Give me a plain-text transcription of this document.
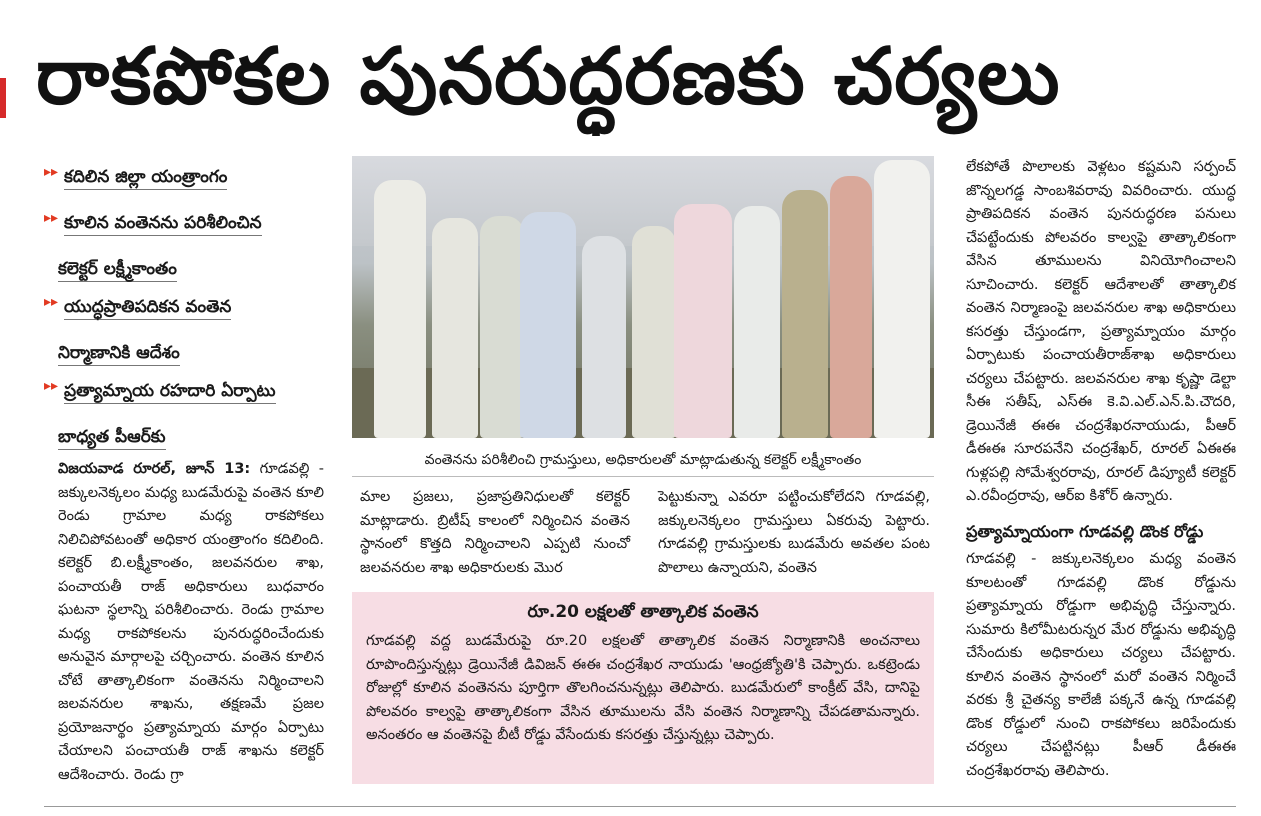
రాకపోకల పునరుద్ధరణకు చర్యలు
▸▸ కదిలిన జిల్లా యంత్రాంగం
▸▸ కూలిన వంతెనను పరిశీలించిన
కలెక్టర్ లక్ష్మీకాంతం
▸▸ యుద్ధప్రాతిపదికన వంతెన
నిర్మాణానికి ఆదేశం
▸▸ ప్రత్యామ్నాయ రహదారి ఏర్పాటు
బాధ్యత పీఆర్‌కు
విజయవాడ రూరల్, జూన్ 13: గూడవల్లి - జక్కులనెక్కలం మధ్య బుడమేరుపై వంతెన కూలి రెండు గ్రామాల మధ్య రాకపోకలు నిలిచిపోవటంతో అధికార యంత్రాంగం కదిలింది. కలెక్టర్ బి.లక్ష్మీకాంతం, జలవనరుల శాఖ, పంచాయతీ రాజ్ అధికారులు బుధవారం ఘటనా స్థలాన్ని పరిశీలించారు. రెండు గ్రామాల మధ్య రాకపోకలను పునరుద్ధరించేందుకు అనువైన మార్గాలపై చర్చించారు. వంతెన కూలిన చోటే తాత్కాలికంగా వంతెనను నిర్మించాలని జలవనరుల శాఖను, తక్షణమే ప్రజల ప్రయోజనార్థం ప్రత్యామ్నాయ మార్గం ఏర్పాటు చేయాలని పంచాయతీ రాజ్ శాఖను కలెక్టర్ ఆదేశించారు. రెండు గ్రా
వంతెనను పరిశీలించి గ్రామస్తులు, అధికారులతో మాట్లాడుతున్న కలెక్టర్ లక్ష్మీకాంతం
మాల ప్రజలు, ప్రజాప్రతినిధులతో కలెక్టర్ మాట్లాడారు. బ్రిటీష్ కాలంలో నిర్మించిన వంతెన స్థానంలో కొత్తది నిర్మించాలని ఎప్పటి నుంచో జలవనరుల శాఖ అధికారులకు మొర
పెట్టుకున్నా ఎవరూ పట్టించుకోలేదని గూడవల్లి, జక్కులనెక్కలం గ్రామస్తులు ఏకరువు పెట్టారు. గూడవల్లి గ్రామస్తులకు బుడమేరు అవతల పంట పొలాలు ఉన్నాయని, వంతెన
రూ.20 లక్షలతో తాత్కాలిక వంతెన
గూడవల్లి వద్ద బుడమేరుపై రూ.20 లక్షలతో తాత్కాలిక వంతెన నిర్మాణానికి అంచనాలు రూపొందిస్తున్నట్లు డ్రెయినేజీ డివిజన్ ఈఈ చంద్రశేఖర నాయుడు 'ఆంధ్రజ్యోతి'కి చెప్పారు. ఒకట్రెండు రోజుల్లో కూలిన వంతెనను పూర్తిగా తొలగించనున్నట్లు తెలిపారు. బుడమేరులో కాంక్రీట్ వేసి, దానిపై పోలవరం కాల్వపై తాత్కాలికంగా వేసిన తూములను వేసి వంతెన నిర్మాణాన్ని చేపడతామన్నారు. అనంతరం ఆ వంతెనపై బీటీ రోడ్డు వేసేందుకు కసరత్తు చేస్తున్నట్లు చెప్పారు.
లేకపోతే పొలాలకు వెళ్లటం కష్టమని సర్పంచ్ జొన్నలగడ్డ సాంబశివరావు వివరించారు. యుద్ధ ప్రాతిపదికన వంతెన పునరుద్ధరణ పనులు చేపట్టేందుకు పోలవరం కాల్వపై తాత్కాలికంగా వేసిన తూములను వినియోగించాలని సూచించారు. కలెక్టర్ ఆదేశాలతో తాత్కాలిక వంతెన నిర్మాణంపై జలవనరుల శాఖ అధికారులు కసరత్తు చేస్తుండగా, ప్రత్యామ్నాయం మార్గం ఏర్పాటుకు పంచాయతీరాజ్‌శాఖ అధికారులు చర్యలు చేపట్టారు. జలవనరుల శాఖ కృష్ణా డెల్టా సీఈ సతీష్, ఎస్ఈ కె.వి.ఎల్.ఎన్.పి.చౌదరి, డ్రెయినేజీ ఈఈ చంద్రశేఖరనాయుడు, పీఆర్ డీఈఈ సూరపనేని చంద్రశేఖర్, రూరల్ ఏఈఈ గుళ్లపల్లి సోమేశ్వరరావు, రూరల్ డిప్యూటీ కలెక్టర్ ఎ.రవీంద్రరావు, ఆర్ఐ కిశోర్ ఉన్నారు.
ప్రత్యామ్నాయంగా గూడవల్లి డొంక రోడ్డు
గూడవల్లి - జక్కులనెక్కలం మధ్య వంతెన కూలటంతో గూడవల్లి డొంక రోడ్డును ప్రత్యామ్నాయ రోడ్డుగా అభివృద్ధి చేస్తున్నారు. సుమారు కిలోమీటరున్నర మేర రోడ్డును అభివృద్ధి చేసేందుకు అధికారులు చర్యలు చేపట్టారు. కూలిన వంతెన స్థానంలో మరో వంతెన నిర్మించే వరకు శ్రీ చైతన్య కాలేజీ పక్కనే ఉన్న గూడవల్లి డొంక రోడ్డులో నుంచి రాకపోకలు జరిపేందుకు చర్యలు చేపట్టినట్లు పీఆర్ డీఈఈ చంద్రశేఖరరావు తెలిపారు.
